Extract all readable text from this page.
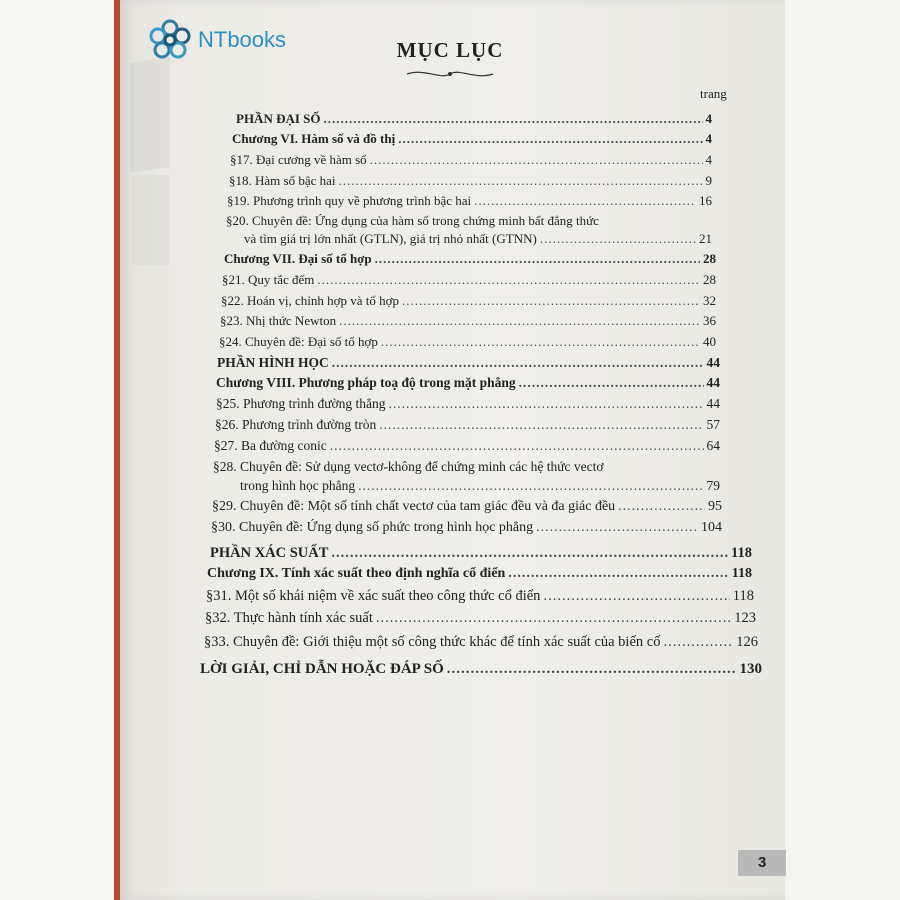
NTbooks	MỤC LỤC
trang
PHẦN ĐẠI SỐ .....	4
Chương VI. Hàm số và đồ thị .....	4
§17. Đại cương về hàm số .....	4
§18. Hàm số bậc hai .....	9
§19. Phương trình quy về phương trình bậc hai .....	16
§20. Chuyên đề: Ứng dụng của hàm số trong chứng minh bất đẳng thức
và tìm giá trị lớn nhất (GTLN), giá trị nhỏ nhất (GTNN) .....	21
Chương VII. Đại số tổ hợp .....	28
§21. Quy tắc đếm .....	28
§22. Hoán vị, chỉnh hợp và tổ hợp .....	32
§23. Nhị thức Newton .....	36
§24. Chuyên đề: Đại số tổ hợp .....	40
PHẦN HÌNH HỌC .....	44
Chương VIII. Phương pháp toạ độ trong mặt phẳng .....	44
§25. Phương trình đường thẳng .....	44
§26. Phương trình đường tròn .....	57
§27. Ba đường conic .....	64
§28. Chuyên đề: Sử dụng vectơ-không để chứng minh các hệ thức vectơ
trong hình học phẳng .....	79
§29. Chuyên đề: Một số tính chất vectơ của tam giác đều và đa giác đều .....	95
§30. Chuyên đề: Ứng dụng số phức trong hình học phẳng .....	104
PHẦN XÁC SUẤT .....	118
Chương IX. Tính xác suất theo định nghĩa cổ điển .....	118
§31. Một số khái niệm về xác suất theo công thức cổ điển .....	118
§32. Thực hành tính xác suất .....	123
§33. Chuyên đề: Giới thiệu một số công thức khác để tính xác suất của biến cố .....	126
LỜI GIẢI, CHỈ DẪN HOẶC ĐÁP SỐ .....	130
3
